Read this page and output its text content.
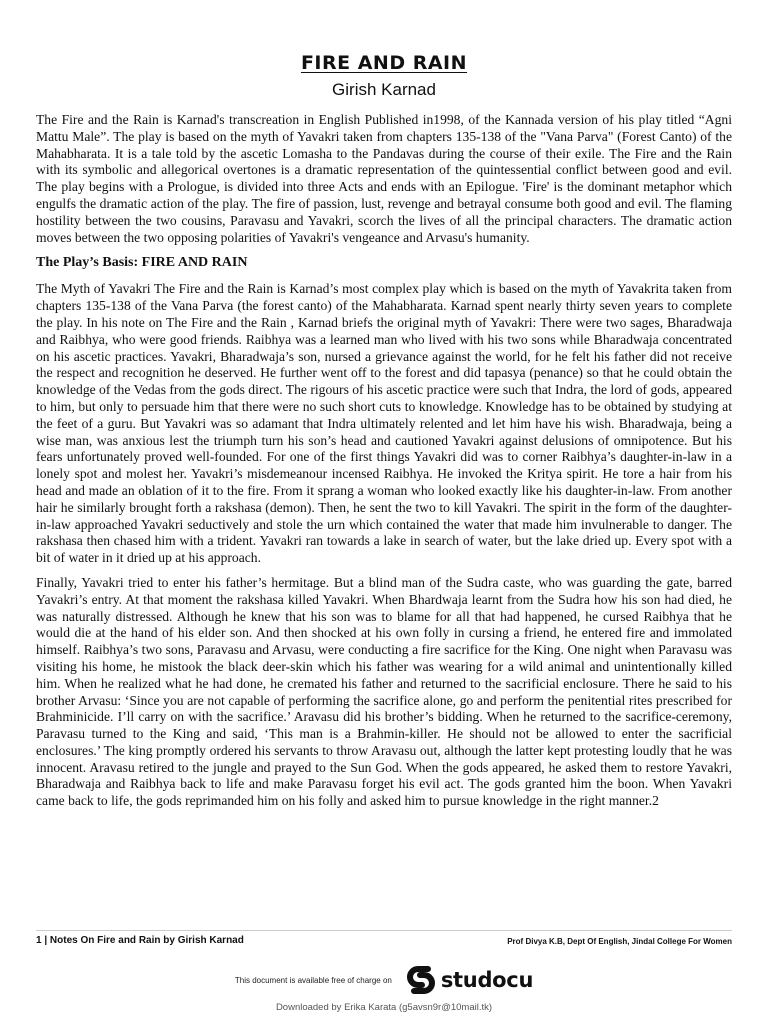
FIRE AND RAIN
Girish Karnad

The Fire and the Rain is Karnad's transcreation in English Published in1998, of the Kannada version of his play titled “Agni Mattu Male”. The play is based on the myth of Yavakri taken from chapters 135-138 of the "Vana Parva" (Forest Canto) of the Mahabharata. It is a tale told by the ascetic Lomasha to the Pandavas during the course of their exile. The Fire and the Rain with its symbolic and allegorical overtones is a dramatic representation of the quintessential conflict between good and evil. The play begins with a Prologue, is divided into three Acts and ends with an Epilogue. 'Fire' is the dominant metaphor which engulfs the dramatic action of the play. The fire of passion, lust, revenge and betrayal consume both good and evil. The flaming hostility between the two cousins, Paravasu and Yavakri, scorch the lives of all the principal characters. The dramatic action moves between the two opposing polarities of Yavakri's vengeance and Arvasu's humanity.

The Play’s Basis: FIRE AND RAIN

The Myth of Yavakri The Fire and the Rain is Karnad’s most complex play which is based on the myth of Yavakrita taken from chapters 135-138 of the Vana Parva (the forest canto) of the Mahabharata. Karnad spent nearly thirty seven years to complete the play. In his note on The Fire and the Rain , Karnad briefs the original myth of Yavakri: There were two sages, Bharadwaja and Raibhya, who were good friends. Raibhya was a learned man who lived with his two sons while Bharadwaja concentrated on his ascetic practices. Yavakri, Bharadwaja’s son, nursed a grievance against the world, for he felt his father did not receive the respect and recognition he deserved. He further went off to the forest and did tapasya (penance) so that he could obtain the knowledge of the Vedas from the gods direct. The rigours of his ascetic practice were such that Indra, the lord of gods, appeared to him, but only to persuade him that there were no such short cuts to knowledge. Knowledge has to be obtained by studying at the feet of a guru. But Yavakri was so adamant that Indra ultimately relented and let him have his wish. Bharadwaja, being a wise man, was anxious lest the triumph turn his son’s head and cautioned Yavakri against delusions of omnipotence. But his fears unfortunately proved well-founded. For one of the first things Yavakri did was to corner Raibhya’s daughter-in-law in a lonely spot and molest her. Yavakri’s misdemeanour incensed Raibhya. He invoked the Kritya spirit. He tore a hair from his head and made an oblation of it to the fire. From it sprang a woman who looked exactly like his daughter-in-law. From another hair he similarly brought forth a rakshasa (demon). Then, he sent the two to kill Yavakri. The spirit in the form of the daughter-in-law approached Yavakri seductively and stole the urn which contained the water that made him invulnerable to danger. The rakshasa then chased him with a trident. Yavakri ran towards a lake in search of water, but the lake dried up. Every spot with a bit of water in it dried up at his approach.

Finally, Yavakri tried to enter his father’s hermitage. But a blind man of the Sudra caste, who was guarding the gate, barred Yavakri’s entry. At that moment the rakshasa killed Yavakri. When Bhardwaja learnt from the Sudra how his son had died, he was naturally distressed. Although he knew that his son was to blame for all that had happened, he cursed Raibhya that he would die at the hand of his elder son. And then shocked at his own folly in cursing a friend, he entered fire and immolated himself. Raibhya’s two sons, Paravasu and Arvasu, were conducting a fire sacrifice for the King. One night when Paravasu was visiting his home, he mistook the black deer-skin which his father was wearing for a wild animal and unintentionally killed him. When he realized what he had done, he cremated his father and returned to the sacrificial enclosure. There he said to his brother Arvasu: ‘Since you are not capable of performing the sacrifice alone, go and perform the penitential rites prescribed for Brahminicide. I’ll carry on with the sacrifice.’ Aravasu did his brother’s bidding. When he returned to the sacrifice-ceremony, Paravasu turned to the King and said, ‘This man is a Brahmin-killer. He should not be allowed to enter the sacrificial enclosures.’ The king promptly ordered his servants to throw Aravasu out, although the latter kept protesting loudly that he was innocent. Aravasu retired to the jungle and prayed to the Sun God. When the gods appeared, he asked them to restore Yavakri, Bharadwaja and Raibhya back to life and make Paravasu forget his evil act. The gods granted him the boon. When Yavakri came back to life, the gods reprimanded him on his folly and asked him to pursue knowledge in the right manner.2

1 | Notes On Fire and Rain by Girish Karnad	Prof Divya K.B, Dept Of English, Jindal College For Women
This document is available free of charge on studocu
Downloaded by Erika Karata (g5avsn9r@10mail.tk)
